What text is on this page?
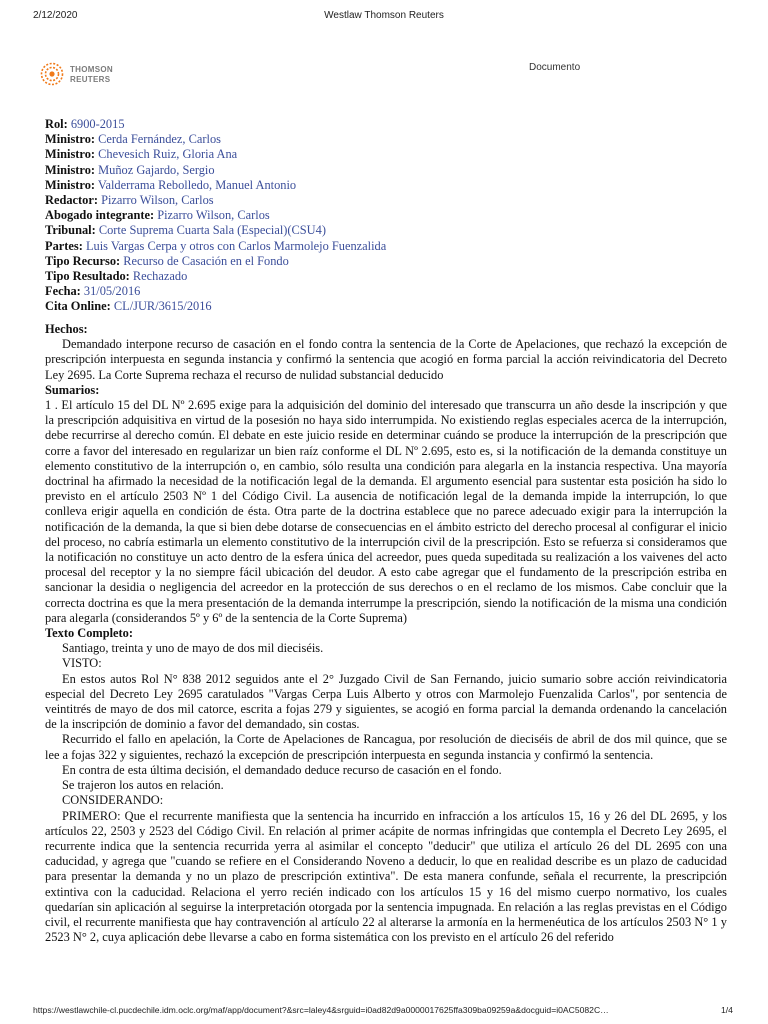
2/12/2020	Westlaw Thomson Reuters
THOMSON
REUTERS
Documento
Rol: 6900-2015
Ministro: Cerda Fernández, Carlos
Ministro: Chevesich Ruiz, Gloria Ana
Ministro: Muñoz Gajardo, Sergio
Ministro: Valderrama Rebolledo, Manuel Antonio
Redactor: Pizarro Wilson, Carlos
Abogado integrante: Pizarro Wilson, Carlos
Tribunal: Corte Suprema Cuarta Sala (Especial)(CSU4)
Partes: Luis Vargas Cerpa y otros con Carlos Marmolejo Fuenzalida
Tipo Recurso: Recurso de Casación en el Fondo
Tipo Resultado: Rechazado
Fecha: 31/05/2016
Cita Online: CL/JUR/3615/2016

Hechos:

Demandado interpone recurso de casación en el fondo contra la sentencia de la Corte de Apelaciones, que rechazó la excepción de prescripción interpuesta en segunda instancia y confirmó la sentencia que acogió en forma parcial la acción reivindicatoria del Decreto Ley 2695. La Corte Suprema rechaza el recurso de nulidad substancial deducido

Sumarios:

1 . El artículo 15 del DL Nº 2.695 exige para la adquisición del dominio del interesado que transcurra un año desde la inscripción y que la prescripción adquisitiva en virtud de la posesión no haya sido interrumpida. No existiendo reglas especiales acerca de la interrupción, debe recurrirse al derecho común. El debate en este juicio reside en determinar cuándo se produce la interrupción de la prescripción que corre a favor del interesado en regularizar un bien raíz conforme el DL Nº 2.695, esto es, si la notificación de la demanda constituye un elemento constitutivo de la interrupción o, en cambio, sólo resulta una condición para alegarla en la instancia respectiva. Una mayoría doctrinal ha afirmado la necesidad de la notificación legal de la demanda. El argumento esencial para sustentar esta posición ha sido lo previsto en el artículo 2503 Nº 1 del Código Civil. La ausencia de notificación legal de la demanda impide la interrupción, lo que conlleva erigir aquella en condición de ésta. Otra parte de la doctrina establece que no parece adecuado exigir para la interrupción la notificación de la demanda, la que si bien debe dotarse de consecuencias en el ámbito estricto del derecho procesal al configurar el inicio del proceso, no cabría estimarla un elemento constitutivo de la interrupción civil de la prescripción. Esto se refuerza si consideramos que la notificación no constituye un acto dentro de la esfera única del acreedor, pues queda supeditada su realización a los vaivenes del acto procesal del receptor y la no siempre fácil ubicación del deudor. A esto cabe agregar que el fundamento de la prescripción estriba en sancionar la desidia o negligencia del acreedor en la protección de sus derechos o en el reclamo de los mismos. Cabe concluir que la correcta doctrina es que la mera presentación de la demanda interrumpe la prescripción, siendo la notificación de la misma una condición para alegarla (considerandos 5º y 6º de la sentencia de la Corte Suprema)

Texto Completo:

Santiago, treinta y uno de mayo de dos mil dieciséis.

VISTO:

En estos autos Rol N° 838 2012 seguidos ante el 2° Juzgado Civil de San Fernando, juicio sumario sobre acción reivindicatoria especial del Decreto Ley 2695 caratulados "Vargas Cerpa Luis Alberto y otros con Marmolejo Fuenzalida Carlos", por sentencia de veintitrés de mayo de dos mil catorce, escrita a fojas 279 y siguientes, se acogió en forma parcial la demanda ordenando la cancelación de la inscripción de dominio a favor del demandado, sin costas.

Recurrido el fallo en apelación, la Corte de Apelaciones de Rancagua, por resolución de dieciséis de abril de dos mil quince, que se lee a fojas 322 y siguientes, rechazó la excepción de prescripción interpuesta en segunda instancia y confirmó la sentencia.

En contra de esta última decisión, el demandado deduce recurso de casación en el fondo.

Se trajeron los autos en relación.

CONSIDERANDO:

PRIMERO: Que el recurrente manifiesta que la sentencia ha incurrido en infracción a los artículos 15, 16 y 26 del DL 2695, y los artículos 22, 2503 y 2523 del Código Civil. En relación al primer acápite de normas infringidas que contempla el Decreto Ley 2695, el recurrente indica que la sentencia recurrida yerra al asimilar el concepto "deducir" que utiliza el artículo 26 del DL 2695 con una caducidad, y agrega que "cuando se refiere en el Considerando Noveno a deducir, lo que en realidad describe es un plazo de caducidad para presentar la demanda y no un plazo de prescripción extintiva". De esta manera confunde, señala el recurrente, la prescripción extintiva con la caducidad. Relaciona el yerro recién indicado con los artículos 15 y 16 del mismo cuerpo normativo, los cuales quedarían sin aplicación al seguirse la interpretación otorgada por la sentencia impugnada. En relación a las reglas previstas en el Código civil, el recurrente manifiesta que hay contravención al artículo 22 al alterarse la armonía en la hermenéutica de los artículos 2503 N° 1 y 2523 N° 2, cuya aplicación debe llevarse a cabo en forma sistemática con los previsto en el artículo 26 del referido

https://westlawchile-cl.pucdechile.idm.oclc.org/maf/app/document?&src=laley4&srguid=i0ad82d9a0000017625ffa309ba09259a&docguid=i0AC5082C…	1/4
